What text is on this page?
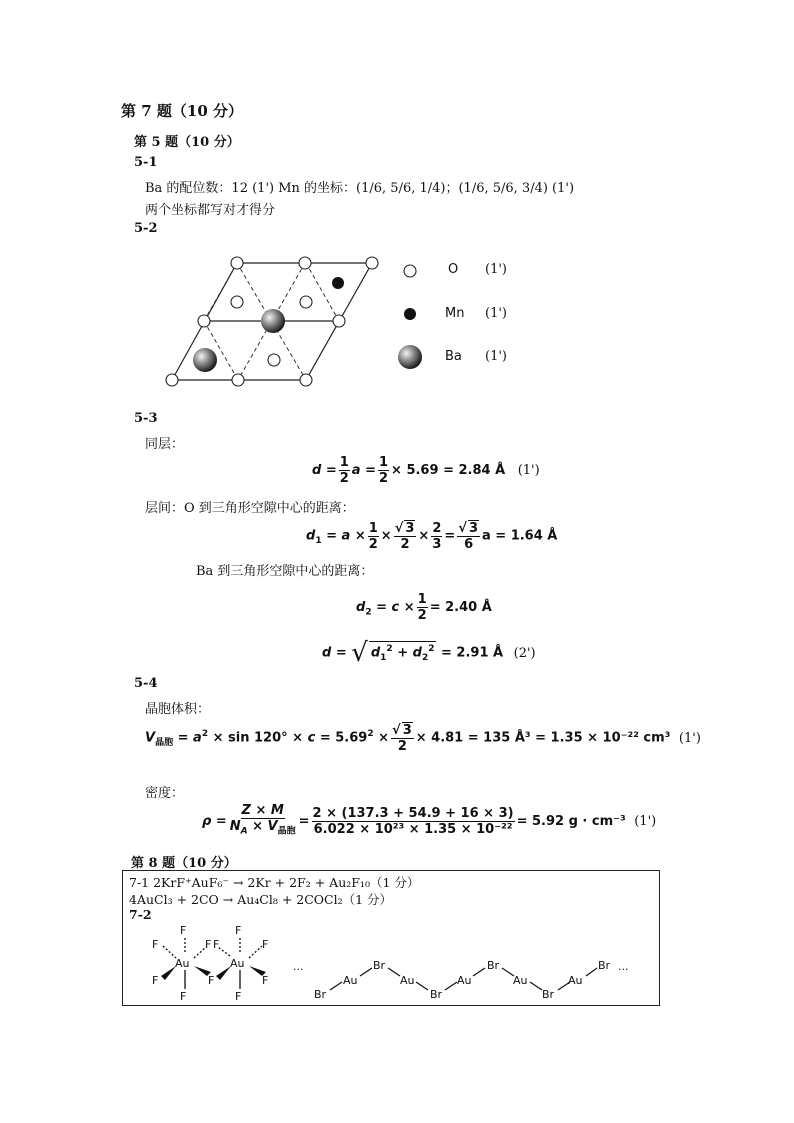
第 7 题（10 分）
第 5 题（10 分）
5-1
Ba 的配位数：12 (1') Mn 的坐标：(1/6, 5/6, 1/4)；(1/6, 5/6, 3/4) (1')
两个坐标都写对才得分
5-2
O (1')
Mn (1')
Ba (1')
5-3
同层：
$d = \frac{1}{2}$ $a = \frac{1}{2} \times 5.69 = 2.84$ Å (1')
层间：O 到三角形空隙中心的距离：
$d_1 = a \times \frac{1}{2}$ × √ $\frac{3}{2} \times \frac{2}{3}$ = √ $\frac{3}{6}$ a = 1.64 Å
Ba 到三角形空隙中心的距离：
$d_2 = c \times \frac{1}{2} = 2.40$ Å
d = √ $d_1^2 + d_2^2 = 2.91$ Å (2')
5-4
晶胞体积：
$V_{晶胞} = a^2 \times \sin 120^\circ \times c = 5.69^2$ × √ $\frac{3}{2} \times 4.81 = 135$ Å³ = 1.35 × 10⁻²² cm³ (1')
密度：
$\rho = \frac{Z \times M}{N_A \times V_{晶胞}} = \frac{2 \times (137.3 + 54.9 + 16 \times 3)}{\text{6.022 × 10²³ × 1.35 × 10⁻²²}} = 5.92$ g · cm⁻³ (1')
第 8 题（10 分）
7-1 2KrF⁺AuF₆⁻ → 2Kr + 2F₂ + Au₂F₁₀（1 分）
4AuCl₃ + 2CO → Au₄Cl₈ + 2COCl₂（1 分）
7-2
F	F
F	F F	F
Au	Au
F	F	F
F	F
···
Br
Au
Br
Au
Br
Au
Br
Au
Br
Au
Br ···
